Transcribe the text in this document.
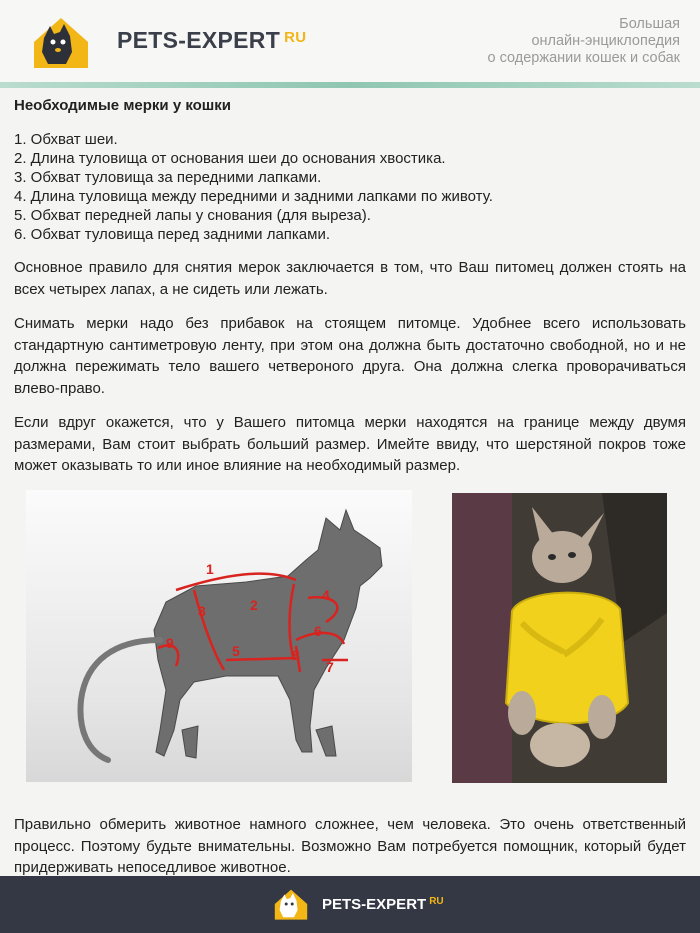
PETS-EXPERT $^{RU}$
Большая
онлайн-энциклопедия
о содержании кошек и собак
Необходимые мерки у кошки
1. Обхват шеи.
2. Длина туловища от основания шеи до основания хвостика.
3. Обхват туловища за передними лапками.
4. Длина туловища между передними и задними лапками по животу.
5. Обхват передней лапы у снования (для выреза).
6. Обхват туловища перед задними лапками.

Основное правило для снятия мерок заключается в том, что Ваш питомец должен стоять на всех четырех лапах, а не сидеть или лежать.

Снимать мерки надо без прибавок на стоящем питомце. Удобнее всего использовать стандартную сантиметровую ленту, при этом она должна быть достаточно свободной, но и не должна пережимать тело вашего четвероного друга. Она должна слегка проворачиваться влево-право.

Если вдруг окажется, что у Вашего питомца мерки находятся на границе между двумя размерами, Вам стоит выбрать больший размер. Имейте ввиду, что шерстяной покров тоже может оказывать то или иное влияние на необходимый размер.

1
2
3
4
5
6
7
8
9

Правильно обмерить животное намного сложнее, чем человека. Это очень ответственный процесс. Поэтому будьте внимательны. Возможно Вам потребуется помощник, который будет придерживать непоседливое животное.

PETS-EXPERT $^{RU}$
